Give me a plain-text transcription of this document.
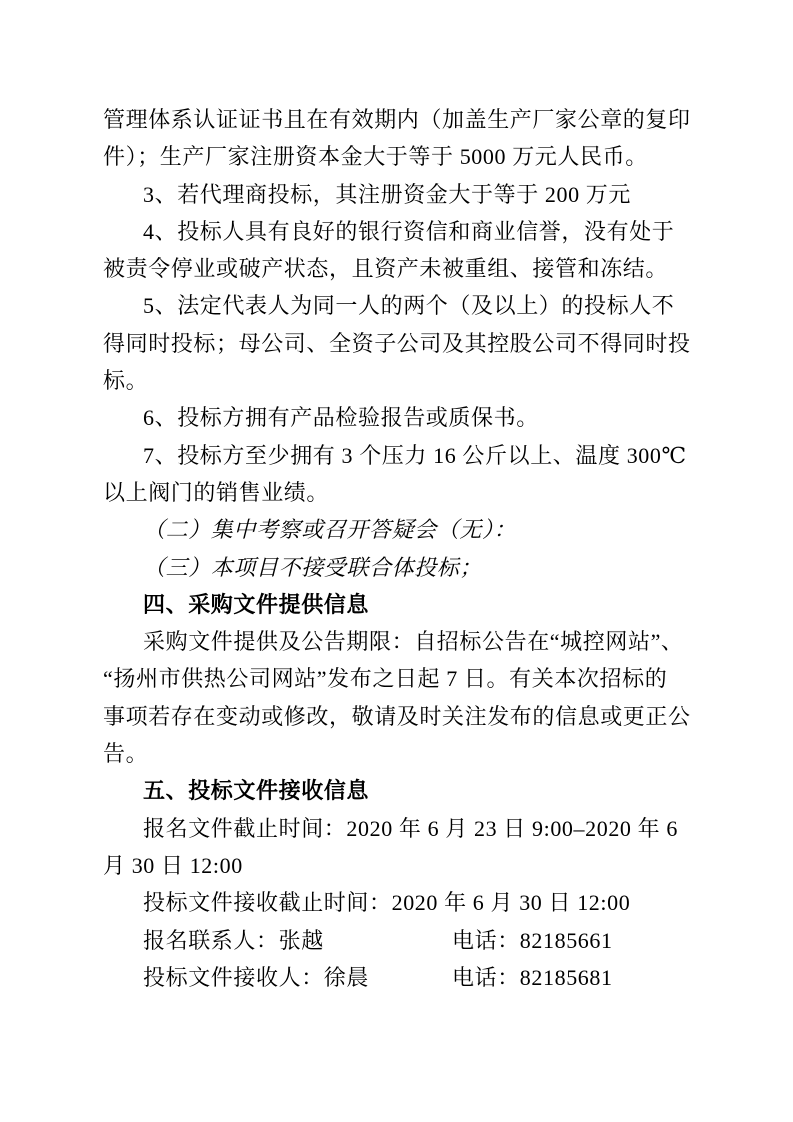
管理体系认证证书且在有效期内（加盖生产厂家公章的复印
件）；生产厂家注册资本金大于等于 5000 万元人民币。
3、若代理商投标，其注册资金大于等于 200 万元
4、投标人具有良好的银行资信和商业信誉，没有处于
被责令停业或破产状态，且资产未被重组、接管和冻结。
5、法定代表人为同一人的两个（及以上）的投标人不
得同时投标；母公司、全资子公司及其控股公司不得同时投
标。
6、投标方拥有产品检验报告或质保书。
7、投标方至少拥有 3 个压力 16 公斤以上、温度 300℃
以上阀门的销售业绩。
（二）集中考察或召开答疑会（无）：
（三）本项目不接受联合体投标；
四、采购文件提供信息
采购文件提供及公告期限：自招标公告在“城控网站”、
“扬州市供热公司网站”发布之日起 7 日。有关本次招标的
事项若存在变动或修改，敬请及时关注发布的信息或更正公
告。
五、投标文件接收信息
报名文件截止时间：2020 年 6 月 23 日 9:00–2020 年 6
月 30 日 12:00
投标文件接收截止时间：2020 年 6 月 30 日 12:00
报名联系人：张越	电话：82185661
投标文件接收人：徐晨	电话：82185681
